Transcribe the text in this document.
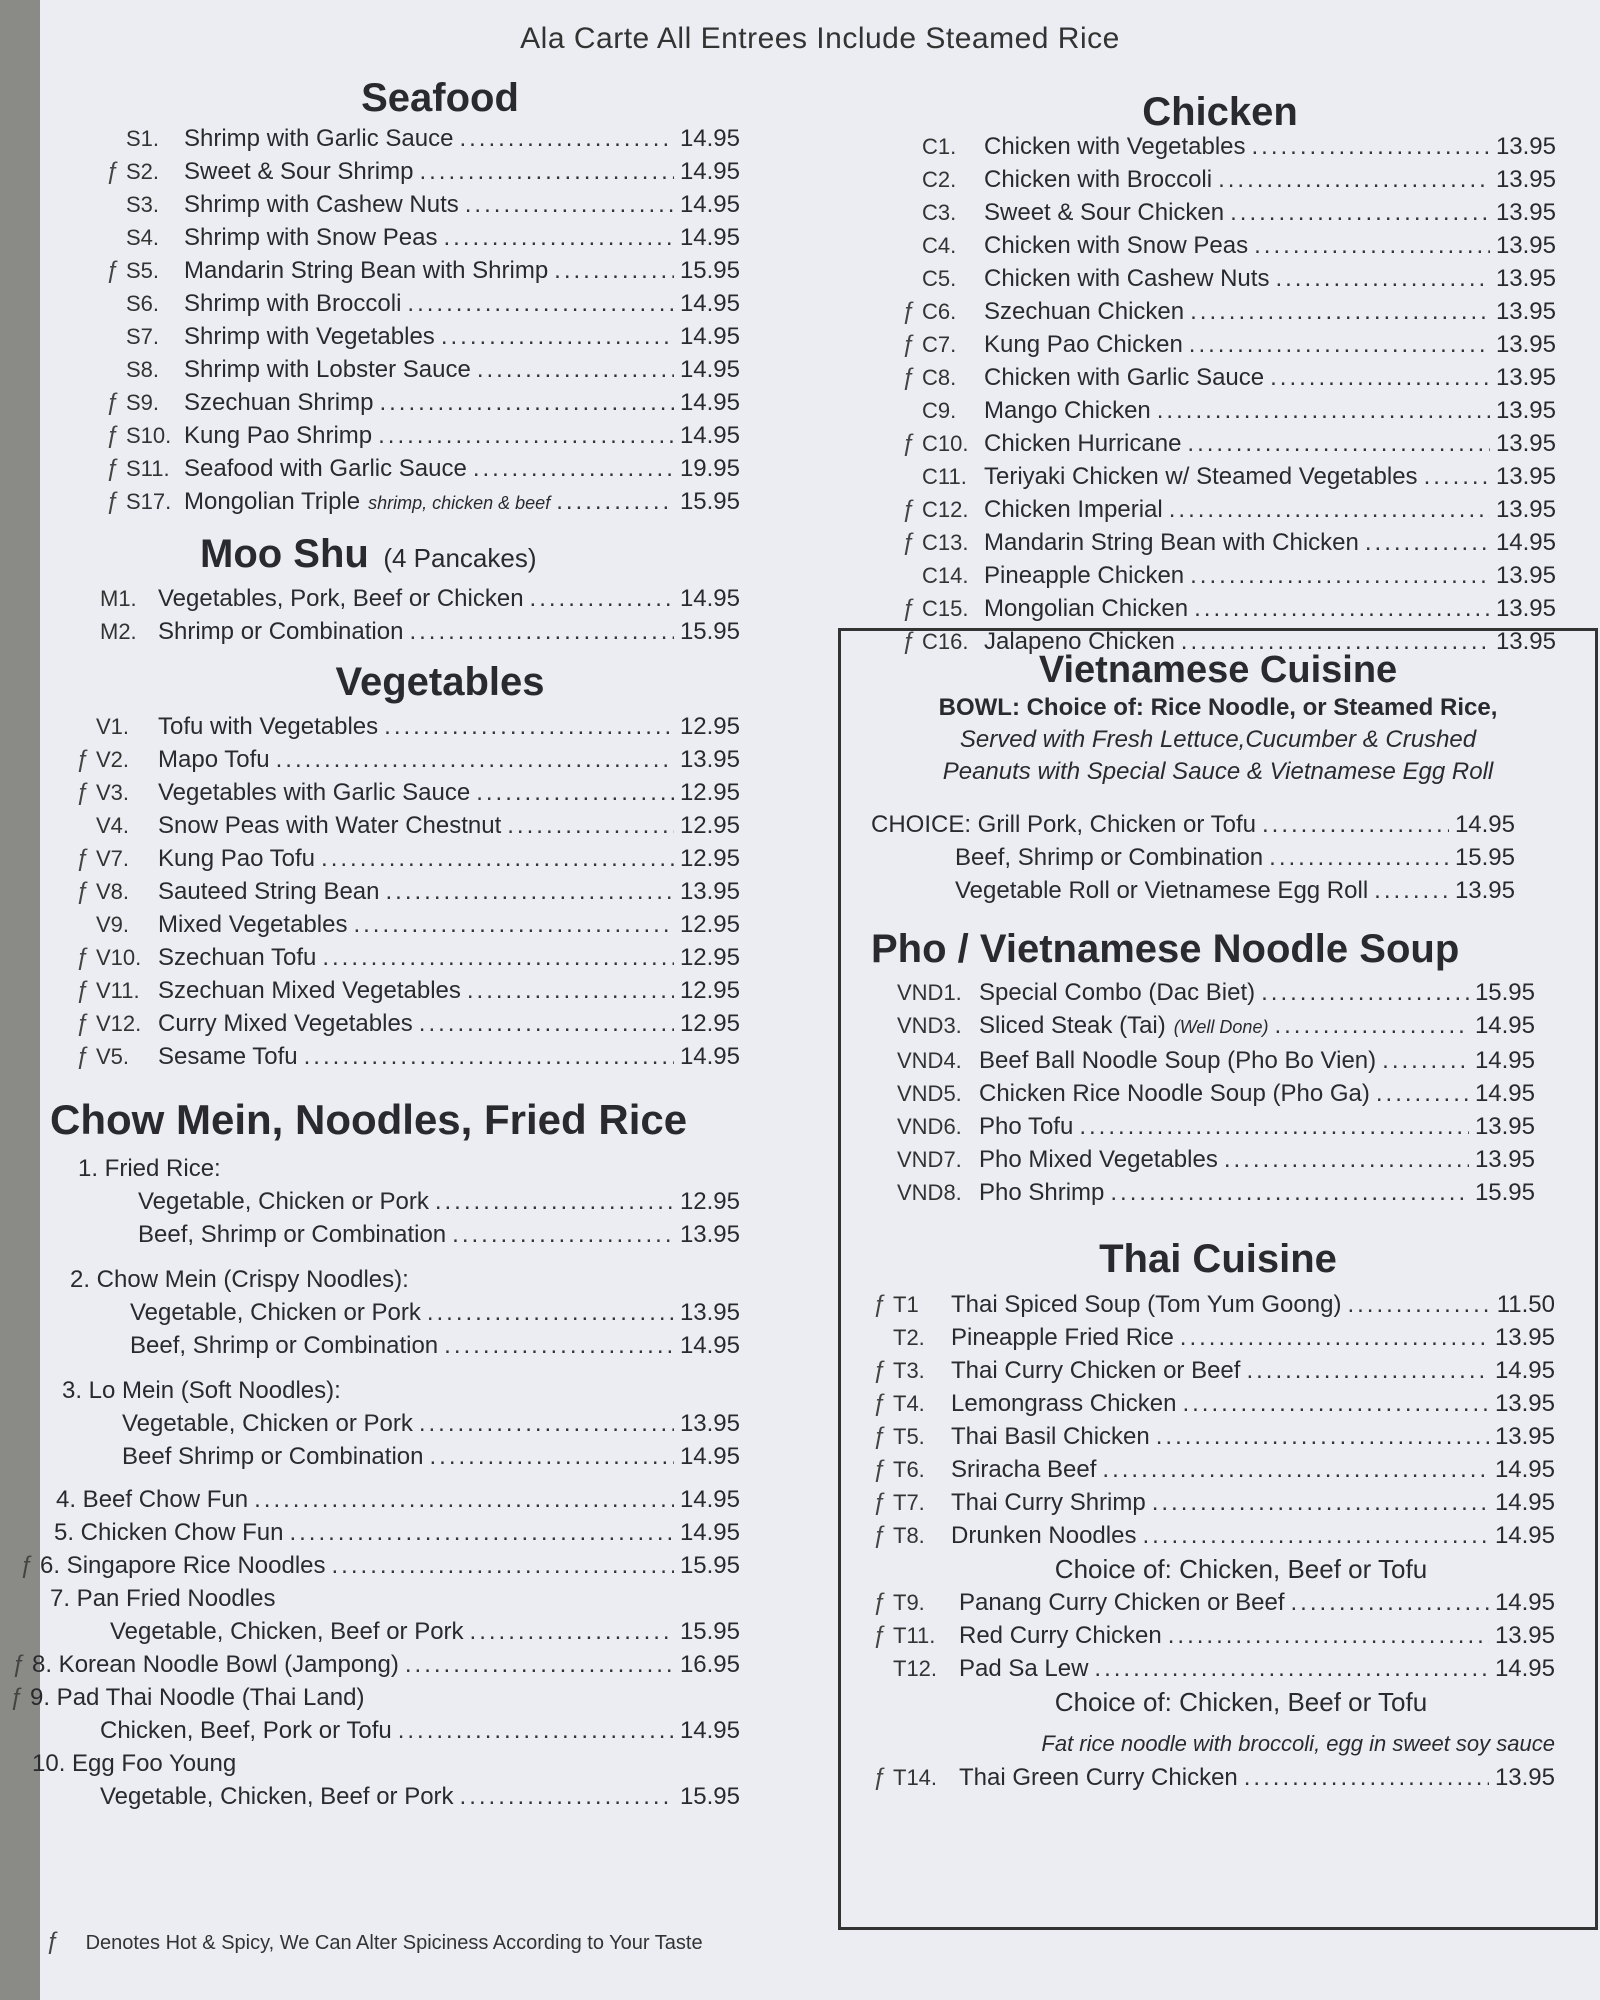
Ala Carte All Entrees Include Steamed Rice
Seafood
S1.	Shrimp with Garlic Sauce .....	14.95
ƒ S2.	Sweet & Sour Shrimp .....	14.95
S3.	Shrimp with Cashew Nuts .....	14.95
S4.	Shrimp with Snow Peas .....	14.95
ƒ S5.	Mandarin String Bean with Shrimp .....	15.95
S6.	Shrimp with Broccoli .....	14.95
S7.	Shrimp with Vegetables .....	14.95
S8.	Shrimp with Lobster Sauce .....	14.95
ƒ S9.	Szechuan Shrimp .....	14.95
ƒ S10. Kung Pao Shrimp .....	14.95
ƒ S11. Seafood with Garlic Sauce .....	19.95
ƒ S17. Mongolian Triple shrimp, chicken & beef .....	15.95
Moo Shu (4 Pancakes)
M1. Vegetables, Pork, Beef or Chicken .....	14.95
M2. Shrimp or Combination .....	15.95
Vegetables
V1.	Tofu with Vegetables .....	12.95
ƒ V2.	Mapo Tofu .....	13.95
ƒ V3.	Vegetables with Garlic Sauce .....	12.95
V4.	Snow Peas with Water Chestnut .....	12.95
ƒ V7.	Kung Pao Tofu .....	12.95
ƒ V8.	Sauteed String Bean .....	13.95
V9.	Mixed Vegetables .....	12.95
ƒ V10. Szechuan Tofu .....	12.95
ƒ V11. Szechuan Mixed Vegetables .....	12.95
ƒ V12. Curry Mixed Vegetables .....	12.95
ƒ V5.	Sesame Tofu .....	14.95
Chow Mein, Noodles, Fried Rice
1. Fried Rice:
Vegetable, Chicken or Pork .....	12.95
Beef, Shrimp or Combination .....	13.95
2. Chow Mein (Crispy Noodles):
Vegetable, Chicken or Pork .....	13.95
Beef, Shrimp or Combination .....	14.95
3. Lo Mein (Soft Noodles):
Vegetable, Chicken or Pork .....	13.95
Beef Shrimp or Combination .....	14.95
4. Beef Chow Fun .....	14.95
5. Chicken Chow Fun .....	14.95
ƒ 6. Singapore Rice Noodles .....	15.95
7. Pan Fried Noodles
Vegetable, Chicken, Beef or Pork .....	15.95
ƒ 8. Korean Noodle Bowl (Jampong) .....	16.95
ƒ 9. Pad Thai Noodle (Thai Land)
Chicken, Beef, Pork or Tofu .....	14.95
10. Egg Foo Young
Vegetable, Chicken, Beef or Pork .....	15.95
ƒ Denotes Hot & Spicy, We Can Alter Spiciness According to Your Taste
Chicken
C1.	Chicken with Vegetables .....	13.95
C2.	Chicken with Broccoli .....	13.95
C3.	Sweet & Sour Chicken .....	13.95
C4.	Chicken with Snow Peas .....	13.95
C5.	Chicken with Cashew Nuts .....	13.95
ƒ C6.	Szechuan Chicken .....	13.95
ƒ C7.	Kung Pao Chicken .....	13.95
ƒ C8.	Chicken with Garlic Sauce .....	13.95
C9.	Mango Chicken .....	13.95
ƒ C10. Chicken Hurricane .....	13.95
C11. Teriyaki Chicken w/ Steamed Vegetables .....	13.95
ƒ C12. Chicken Imperial .....	13.95
ƒ C13. Mandarin String Bean with Chicken .....	14.95
C14. Pineapple Chicken .....	13.95
ƒ C15. Mongolian Chicken .....	13.95
ƒ C16. Jalapeno Chicken .....	13.95
Vietnamese Cuisine
BOWL: Choice of: Rice Noodle, or Steamed Rice,
Served with Fresh Lettuce,Cucumber & Crushed
Peanuts with Special Sauce & Vietnamese Egg Roll
CHOICE: Grill Pork, Chicken or Tofu .....	14.95
Beef, Shrimp or Combination .....	15.95
Vegetable Roll or Vietnamese Egg Roll .....	13.95
Pho / Vietnamese Noodle Soup
VND1. Special Combo (Dac Biet) .....	15.95
VND3. Sliced Steak (Tai) (Well Done) .....	14.95
VND4. Beef Ball Noodle Soup (Pho Bo Vien) .....	14.95
VND5. Chicken Rice Noodle Soup (Pho Ga) .....	14.95
VND6. Pho Tofu .....	13.95
VND7. Pho Mixed Vegetables .....	13.95
VND8. Pho Shrimp .....	15.95
Thai Cuisine
ƒ T1	Thai Spiced Soup (Tom Yum Goong) .....	11.50
T2.	Pineapple Fried Rice .....	13.95
ƒ T3.	Thai Curry Chicken or Beef .....	14.95
ƒ T4.	Lemongrass Chicken .....	13.95
ƒ T5.	Thai Basil Chicken .....	13.95
ƒ T6.	Sriracha Beef .....	14.95
ƒ T7.	Thai Curry Shrimp .....	14.95
ƒ T8.	Drunken Noodles .....	14.95
Choice of: Chicken, Beef or Tofu
ƒ T9.	Panang Curry Chicken or Beef .....	14.95
ƒ T11. Red Curry Chicken .....	13.95
T12. Pad Sa Lew .....	14.95
Choice of: Chicken, Beef or Tofu
Fat rice noodle with broccoli, egg in sweet soy sauce
ƒ T14. Thai Green Curry Chicken .....	13.95
